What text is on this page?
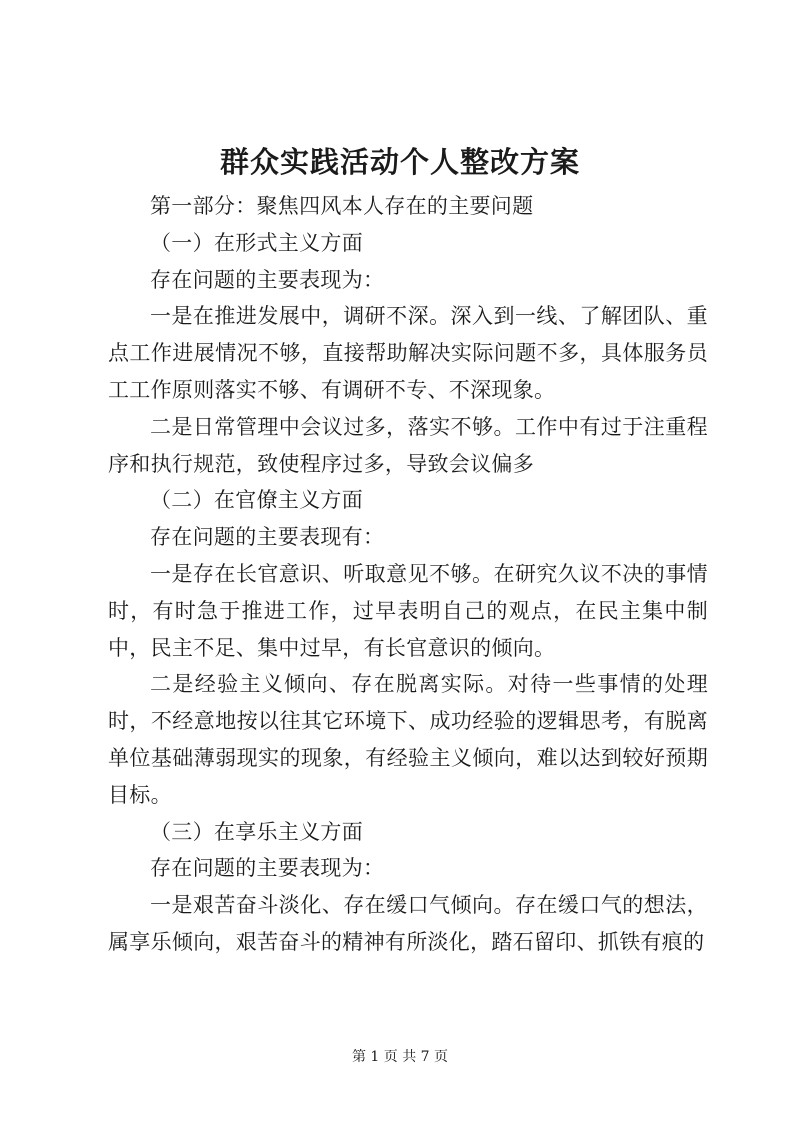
群众实践活动个人整改方案

第一部分：聚焦四风本人存在的主要问题

（一）在形式主义方面

存在问题的主要表现为：

一是在推进发展中，调研不深。深入到一线、了解团队、重点工作进展情况不够，直接帮助解决实际问题不多，具体服务员工工作原则落实不够、有调研不专、不深现象。

二是日常管理中会议过多，落实不够。工作中有过于注重程序和执行规范，致使程序过多，导致会议偏多

（二）在官僚主义方面

存在问题的主要表现有：

一是存在长官意识、听取意见不够。在研究久议不决的事情时，有时急于推进工作，过早表明自己的观点，在民主集中制中，民主不足、集中过早，有长官意识的倾向。

二是经验主义倾向、存在脱离实际。对待一些事情的处理时，不经意地按以往其它环境下、成功经验的逻辑思考，有脱离单位基础薄弱现实的现象，有经验主义倾向，难以达到较好预期目标。

（三）在享乐主义方面

存在问题的主要表现为：

一是艰苦奋斗淡化、存在缓口气倾向。存在缓口气的想法，属享乐倾向，艰苦奋斗的精神有所淡化，踏石留印、抓铁有痕的

第 1 页 共 7 页
